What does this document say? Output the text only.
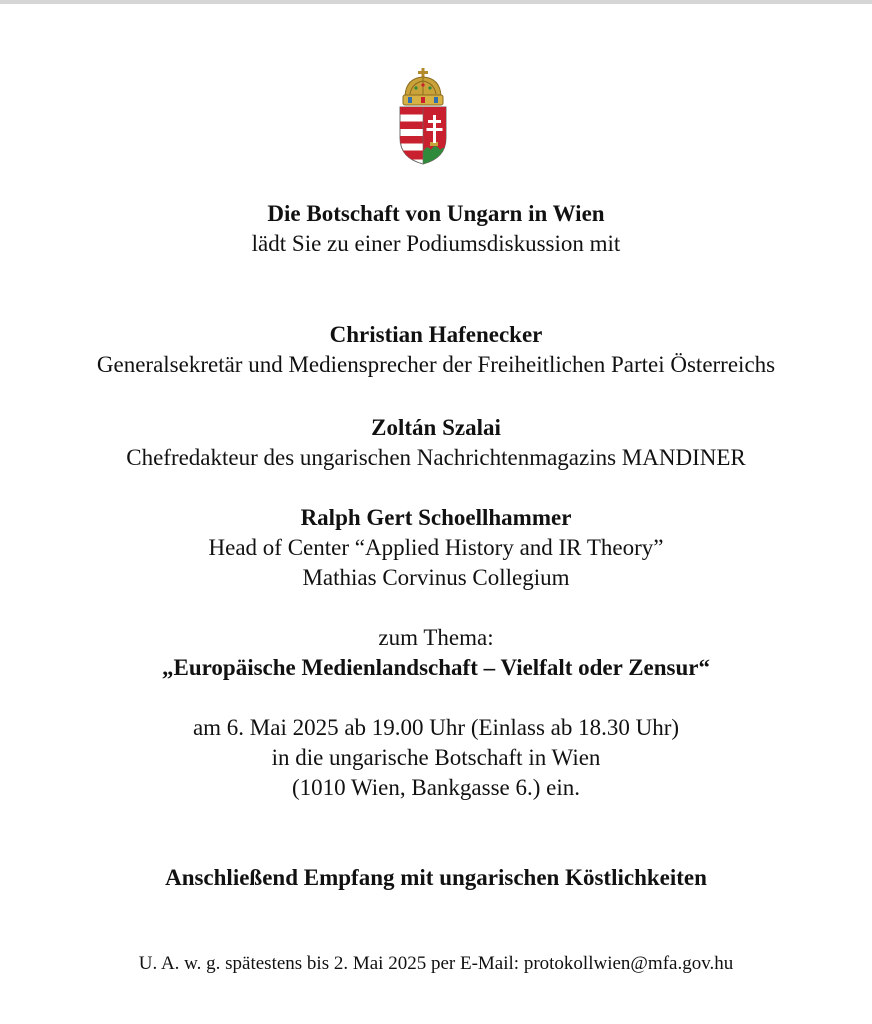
Die Botschaft von Ungarn in Wien
lädt Sie zu einer Podiumsdiskussion mit
Christian Hafenecker
Generalsekretär und Mediensprecher der Freiheitlichen Partei Österreichs
Zoltán Szalai
Chefredakteur des ungarischen Nachrichtenmagazins MANDINER
Ralph Gert Schoellhammer
Head of Center “Applied History and IR Theory”
Mathias Corvinus Collegium
zum Thema:
„Europäische Medienlandschaft – Vielfalt oder Zensur“
am 6. Mai 2025 ab 19.00 Uhr (Einlass ab 18.30 Uhr)
in die ungarische Botschaft in Wien
(1010 Wien, Bankgasse 6.) ein.
Anschließend Empfang mit ungarischen Köstlichkeiten
U. A. w. g. spätestens bis 2. Mai 2025 per E-Mail: protokollwien@mfa.gov.hu
